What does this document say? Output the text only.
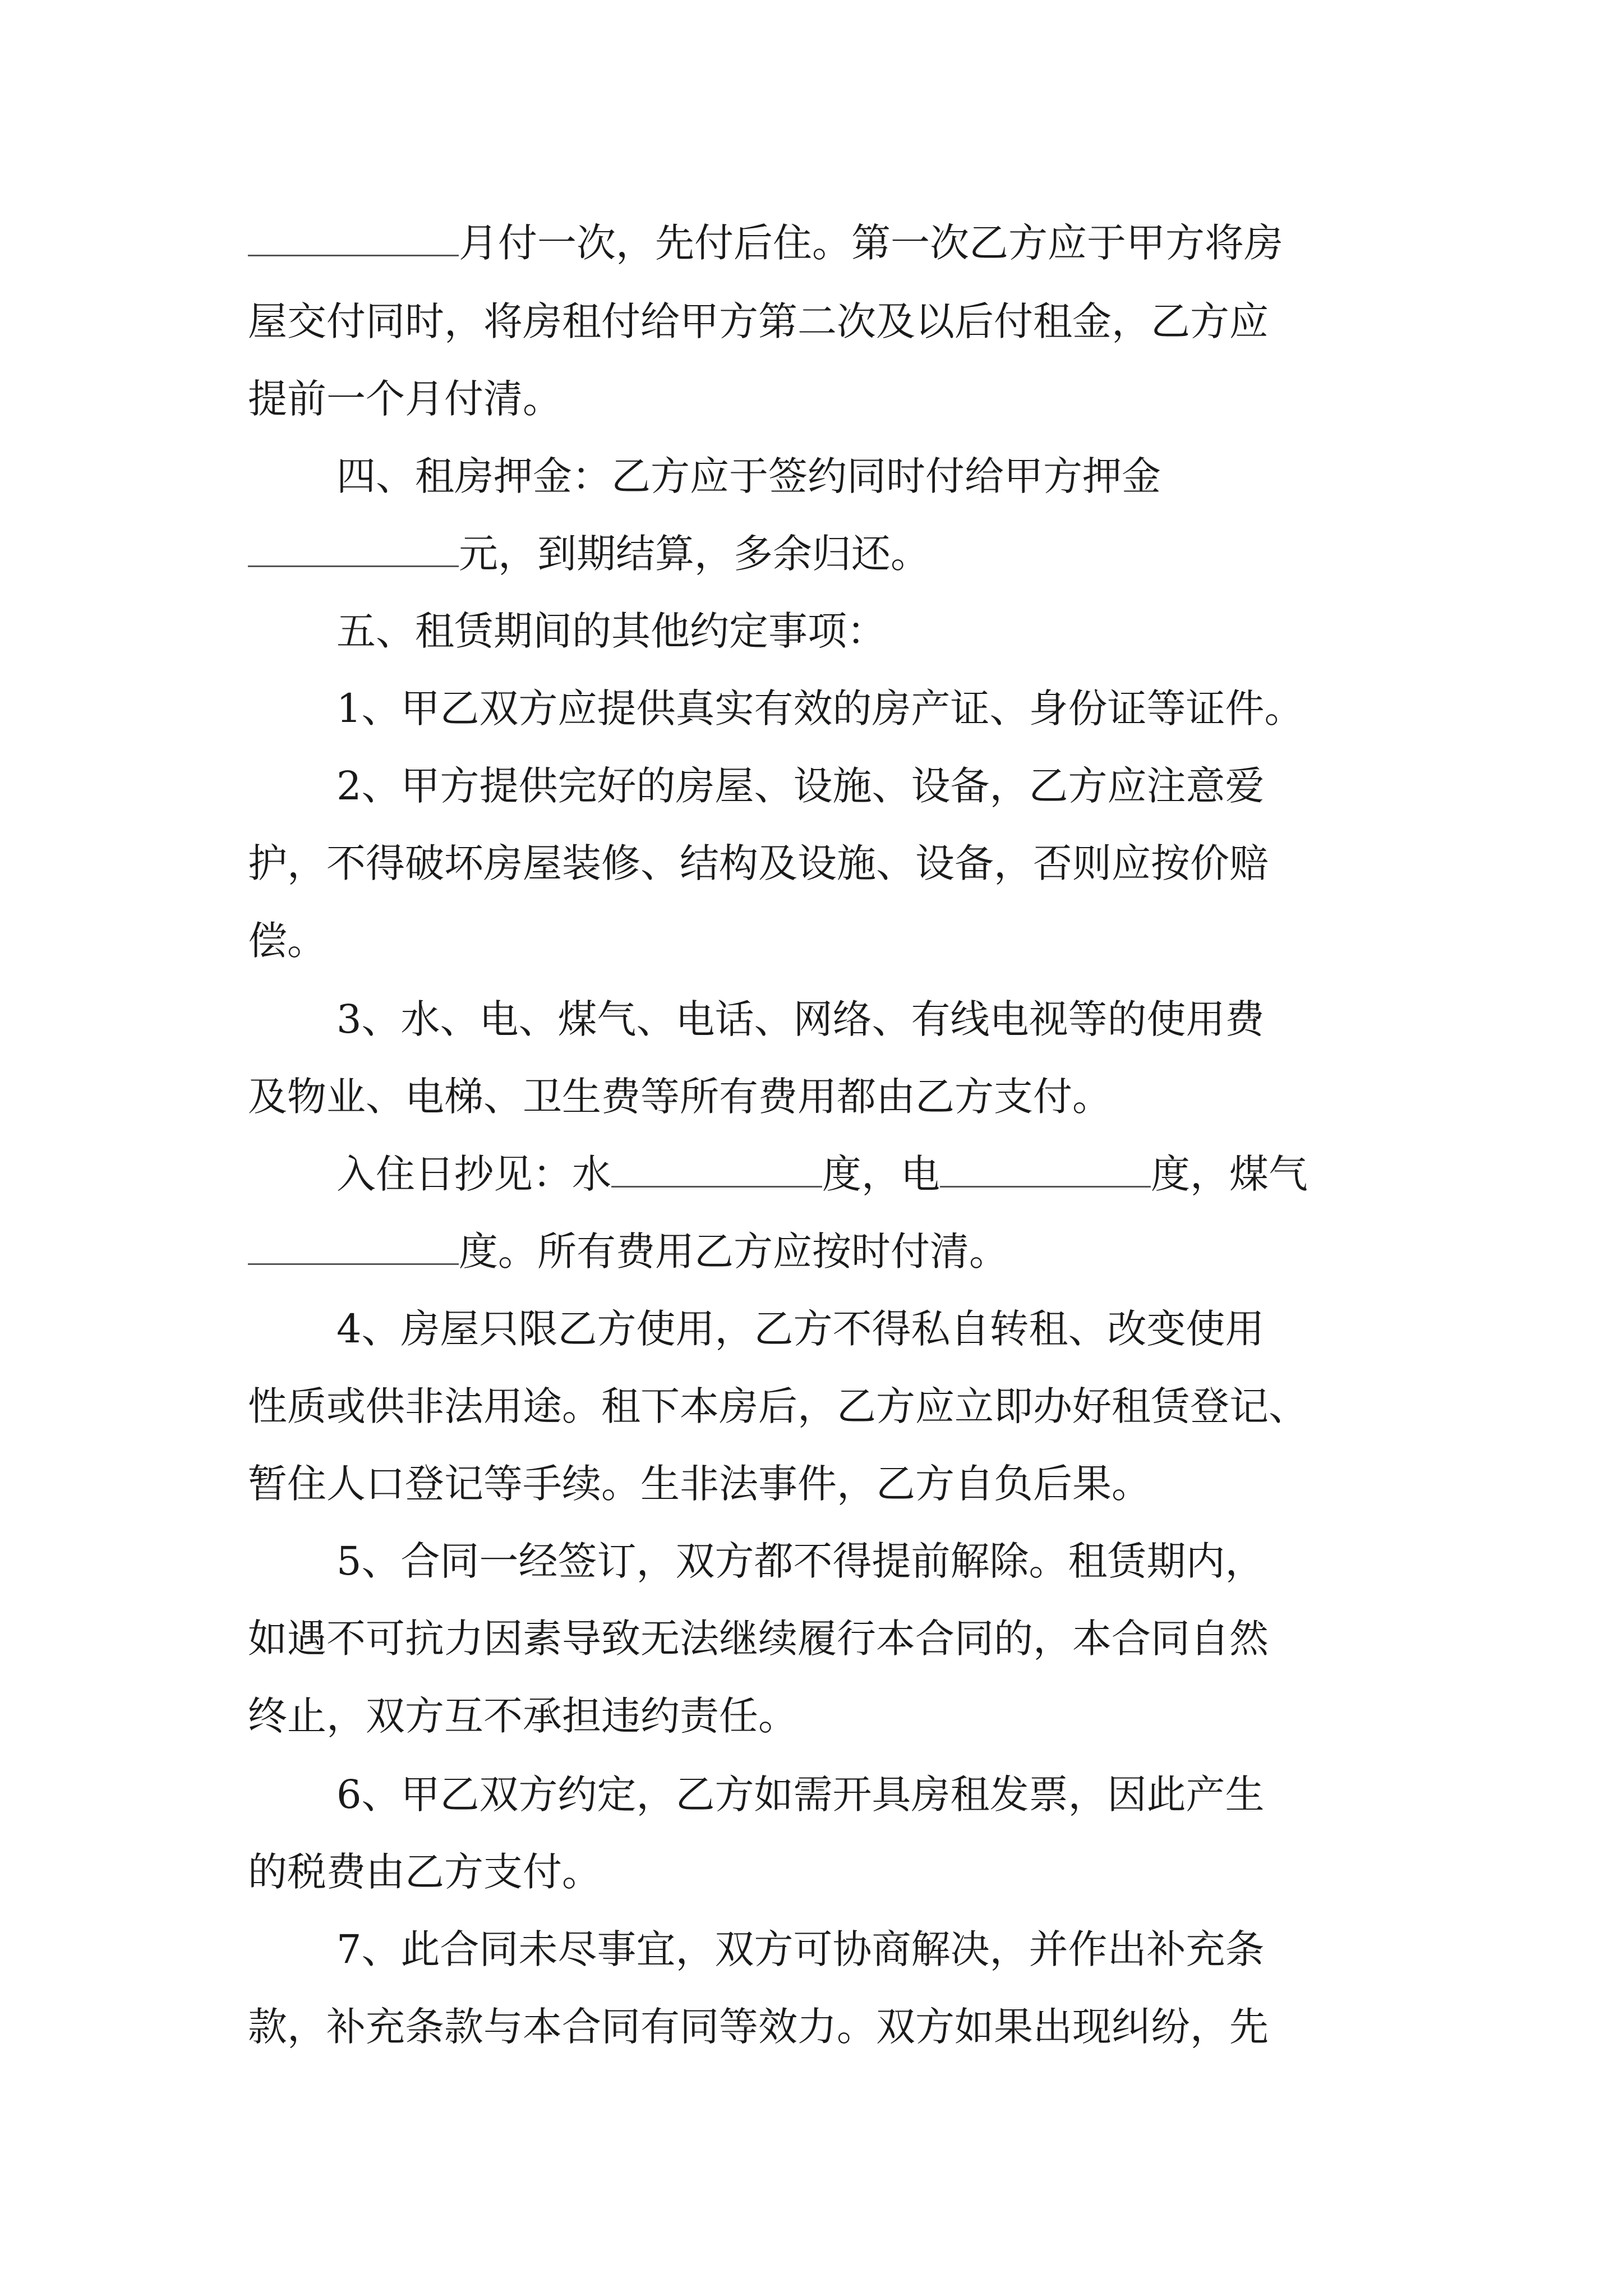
月付一次，先付后住。第一次乙方应于甲方将房
屋交付同时，将房租付给甲方第二次及以后付租金，乙方应
提前一个月付清。
四、租房押金：乙方应于签约同时付给甲方押金
元，到期结算，多余归还。
五、租赁期间的其他约定事项：
1、甲乙双方应提供真实有效的房产证、身份证等证件。
2、甲方提供完好的房屋、设施、设备，乙方应注意爱
护，不得破坏房屋装修、结构及设施、设备，否则应按价赔
偿。
3、水、电、煤气、电话、网络、有线电视等的使用费
及物业、电梯、卫生费等所有费用都由乙方支付。
入住日抄见：水	度，电	度，煤气
度。所有费用乙方应按时付清。
4、房屋只限乙方使用，乙方不得私自转租、改变使用
性质或供非法用途。租下本房后，乙方应立即办好租赁登记、
暂住人口登记等手续。生非法事件，乙方自负后果。
5、合同一经签订，双方都不得提前解除。租赁期内，
如遇不可抗力因素导致无法继续履行本合同的，本合同自然
终止，双方互不承担违约责任。
6、甲乙双方约定，乙方如需开具房租发票，因此产生
的税费由乙方支付。
7、此合同未尽事宜，双方可协商解决，并作出补充条
款，补充条款与本合同有同等效力。双方如果出现纠纷，先
